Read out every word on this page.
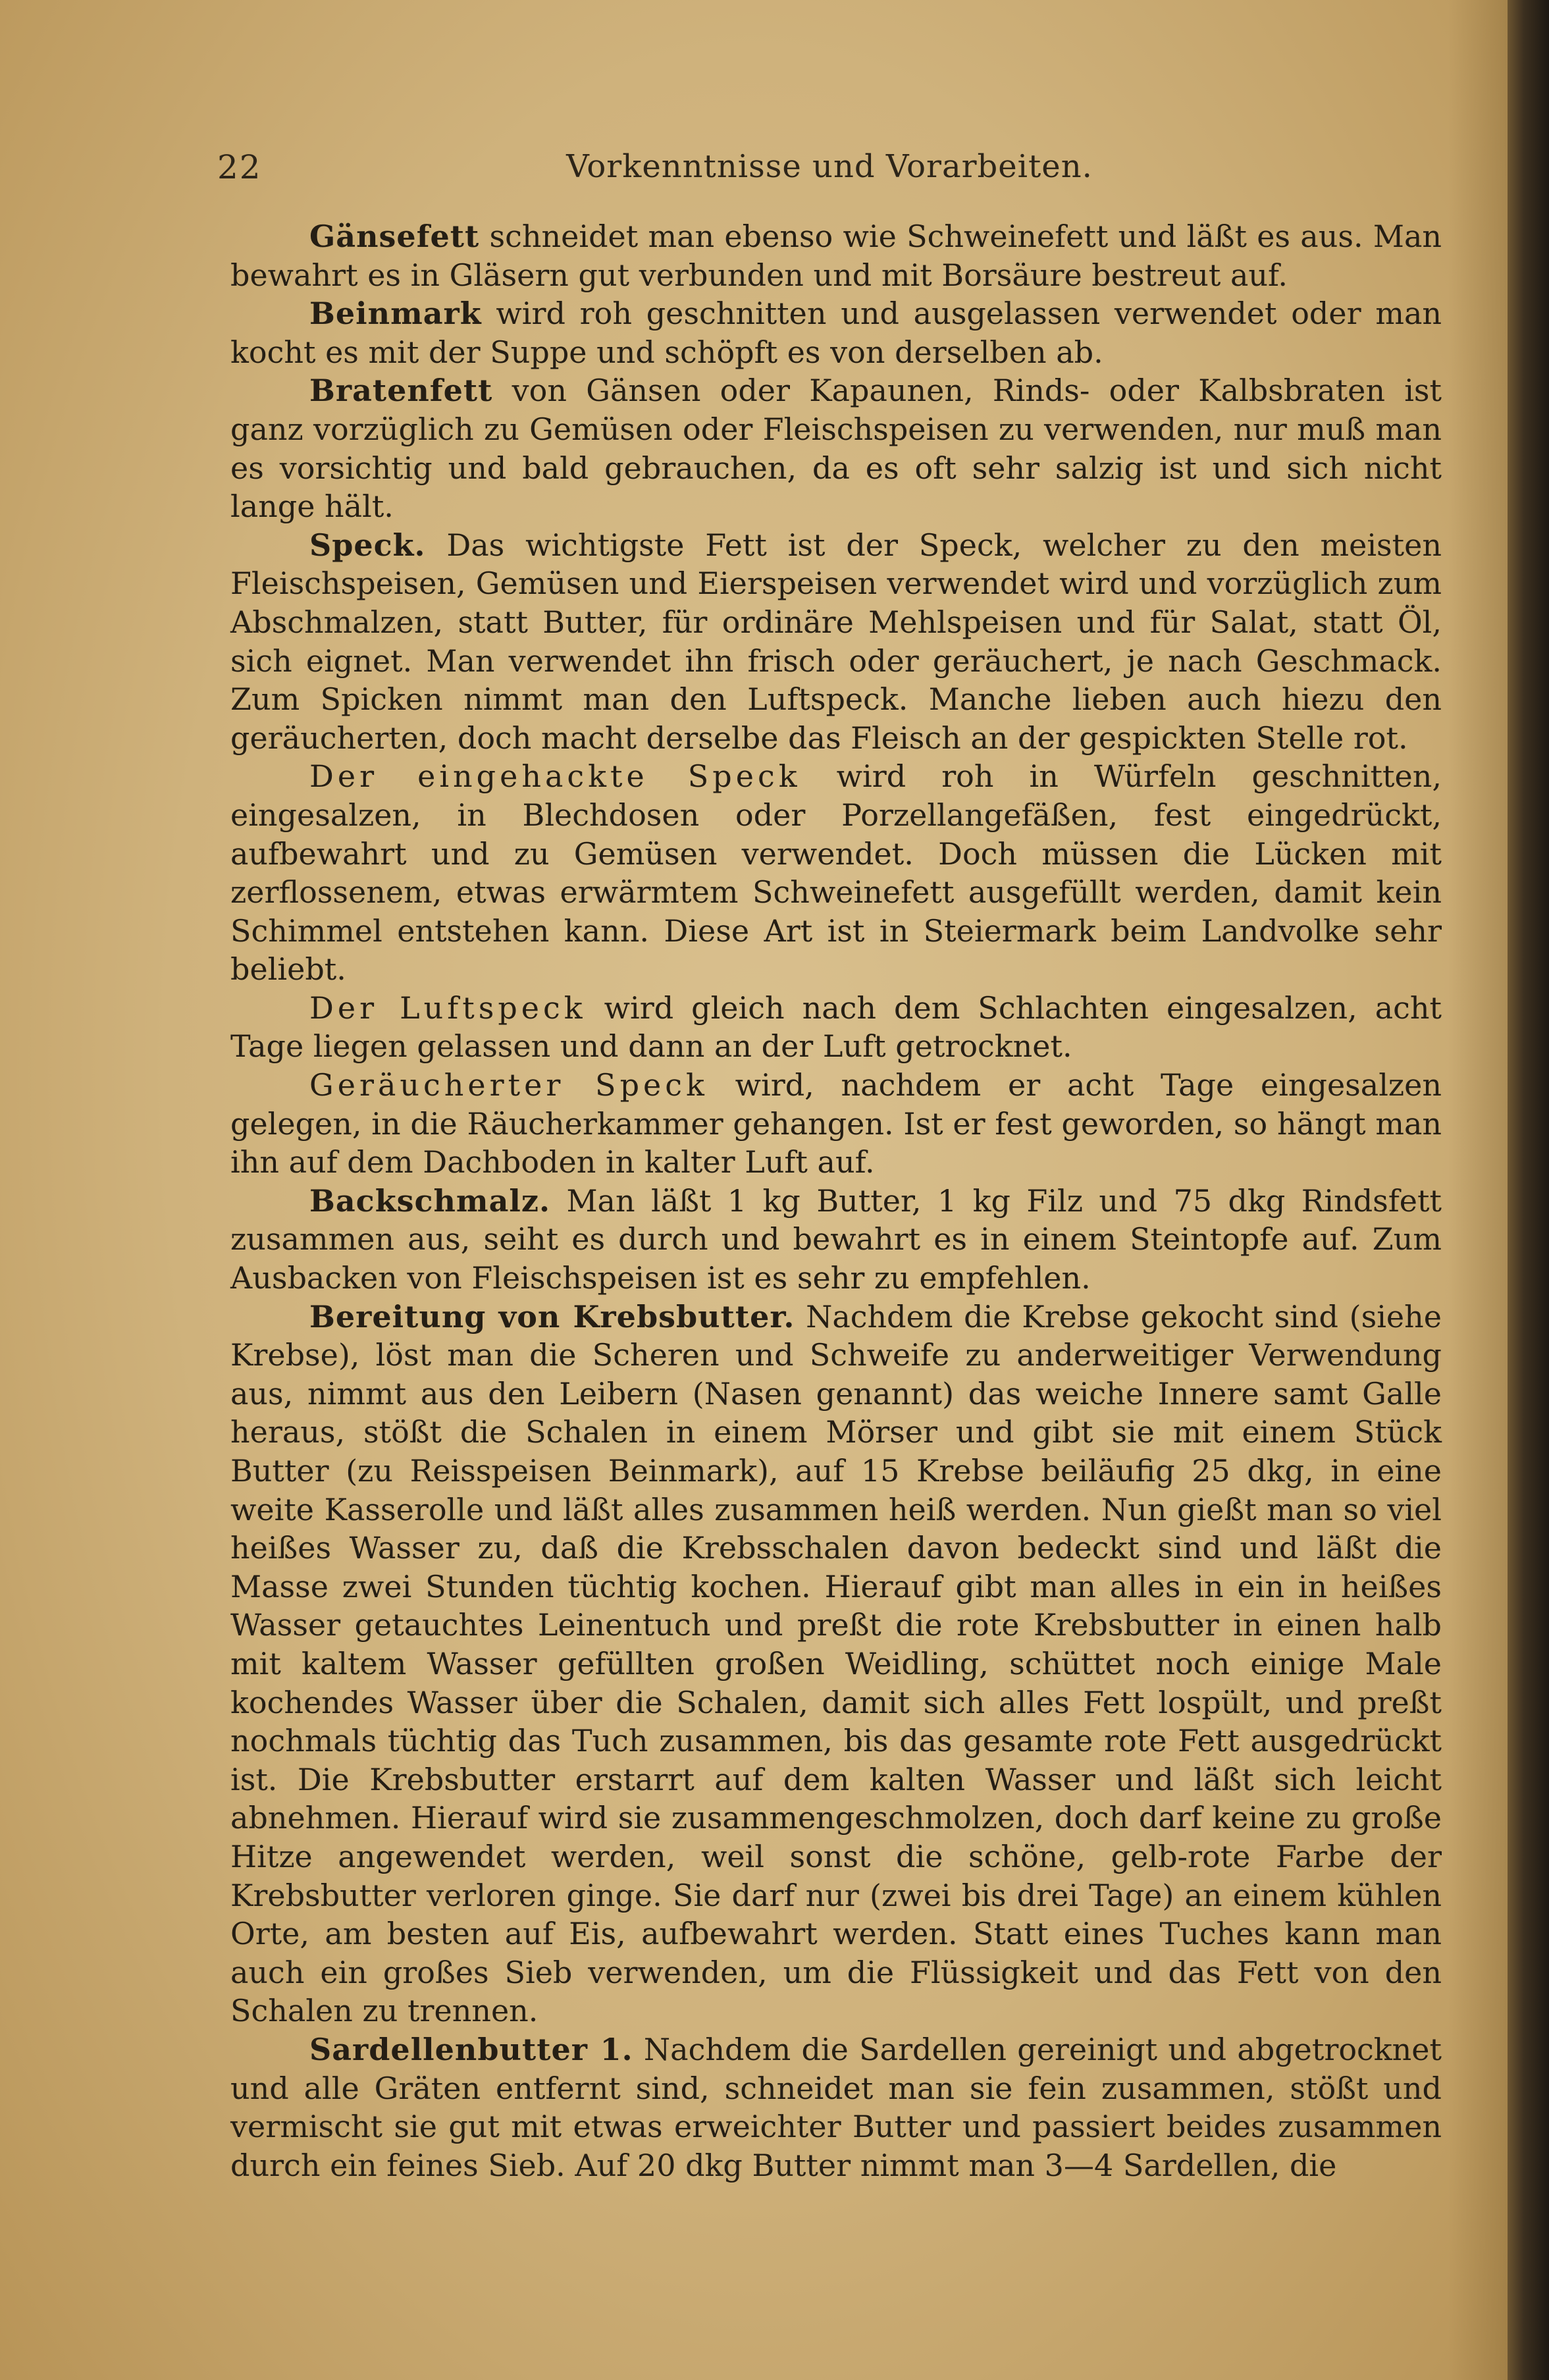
22	Vorkenntnisse und Vorarbeiten.

Gänsefett schneidet man ebenso wie Schweinefett und läßt es aus. Man bewahrt es in Gläsern gut verbunden und mit Borsäure bestreut auf.

Beinmark wird roh geschnitten und ausgelassen verwendet oder man kocht es mit der Suppe und schöpft es von derselben ab.

Bratenfett von Gänsen oder Kapaunen, Rinds- oder Kalbsbraten ist ganz vorzüglich zu Gemüsen oder Fleischspeisen zu verwenden, nur muß man es vorsichtig und bald gebrauchen, da es oft sehr salzig ist und sich nicht lange hält.

Speck. Das wichtigste Fett ist der Speck, welcher zu den meisten Fleischspeisen, Gemüsen und Eierspeisen verwendet wird und vorzüglich zum Abschmalzen, statt Butter, für ordinäre Mehlspeisen und für Salat, statt Öl, sich eignet. Man verwendet ihn frisch oder geräuchert, je nach Geschmack. Zum Spicken nimmt man den Luftspeck. Manche lieben auch hiezu den geräucherten, doch macht derselbe das Fleisch an der gespickten Stelle rot.

Der eingehackte Speck wird roh in Würfeln geschnitten, eingesalzen, in Blechdosen oder Porzellangefäßen, fest eingedrückt, aufbewahrt und zu Gemüsen verwendet. Doch müssen die Lücken mit zerflossenem, etwas erwärmtem Schweinefett ausgefüllt werden, damit kein Schimmel entstehen kann. Diese Art ist in Steiermark beim Landvolke sehr beliebt.

Der Luftspeck wird gleich nach dem Schlachten eingesalzen, acht Tage liegen gelassen und dann an der Luft getrocknet.

Geräucherter Speck wird, nachdem er acht Tage eingesalzen gelegen, in die Räucherkammer gehangen. Ist er fest geworden, so hängt man ihn auf dem Dachboden in kalter Luft auf.

Backschmalz. Man läßt 1 kg Butter, 1 kg Filz und 75 dkg Rindsfett zusammen aus, seiht es durch und bewahrt es in einem Steintopfe auf. Zum Ausbacken von Fleischspeisen ist es sehr zu empfehlen.

Bereitung von Krebsbutter. Nachdem die Krebse gekocht sind (siehe Krebse), löst man die Scheren und Schweife zu anderweitiger Verwendung aus, nimmt aus den Leibern (Nasen genannt) das weiche Innere samt Galle heraus, stößt die Schalen in einem Mörser und gibt sie mit einem Stück Butter (zu Reisspeisen Beinmark), auf 15 Krebse beiläufig 25 dkg, in eine weite Kasserolle und läßt alles zusammen heiß werden. Nun gießt man so viel heißes Wasser zu, daß die Krebsschalen davon bedeckt sind und läßt die Masse zwei Stunden tüchtig kochen. Hierauf gibt man alles in ein in heißes Wasser getauchtes Leinentuch und preßt die rote Krebsbutter in einen halb mit kaltem Wasser gefüllten großen Weidling, schüttet noch einige Male kochendes Wasser über die Schalen, damit sich alles Fett lospült, und preßt nochmals tüchtig das Tuch zusammen, bis das gesamte rote Fett ausgedrückt ist. Die Krebsbutter erstarrt auf dem kalten Wasser und läßt sich leicht abnehmen. Hierauf wird sie zusammengeschmolzen, doch darf keine zu große Hitze angewendet werden, weil sonst die schöne, gelb-rote Farbe der Krebsbutter verloren ginge. Sie darf nur (zwei bis drei Tage) an einem kühlen Orte, am besten auf Eis, aufbewahrt werden. Statt eines Tuches kann man auch ein großes Sieb verwenden, um die Flüssigkeit und das Fett von den Schalen zu trennen.

Sardellenbutter 1. Nachdem die Sardellen gereinigt und abgetrocknet und alle Gräten entfernt sind, schneidet man sie fein zusammen, stößt und vermischt sie gut mit etwas erweichter Butter und passiert beides zusammen durch ein feines Sieb. Auf 20 dkg Butter nimmt man 3—4 Sardellen, die
